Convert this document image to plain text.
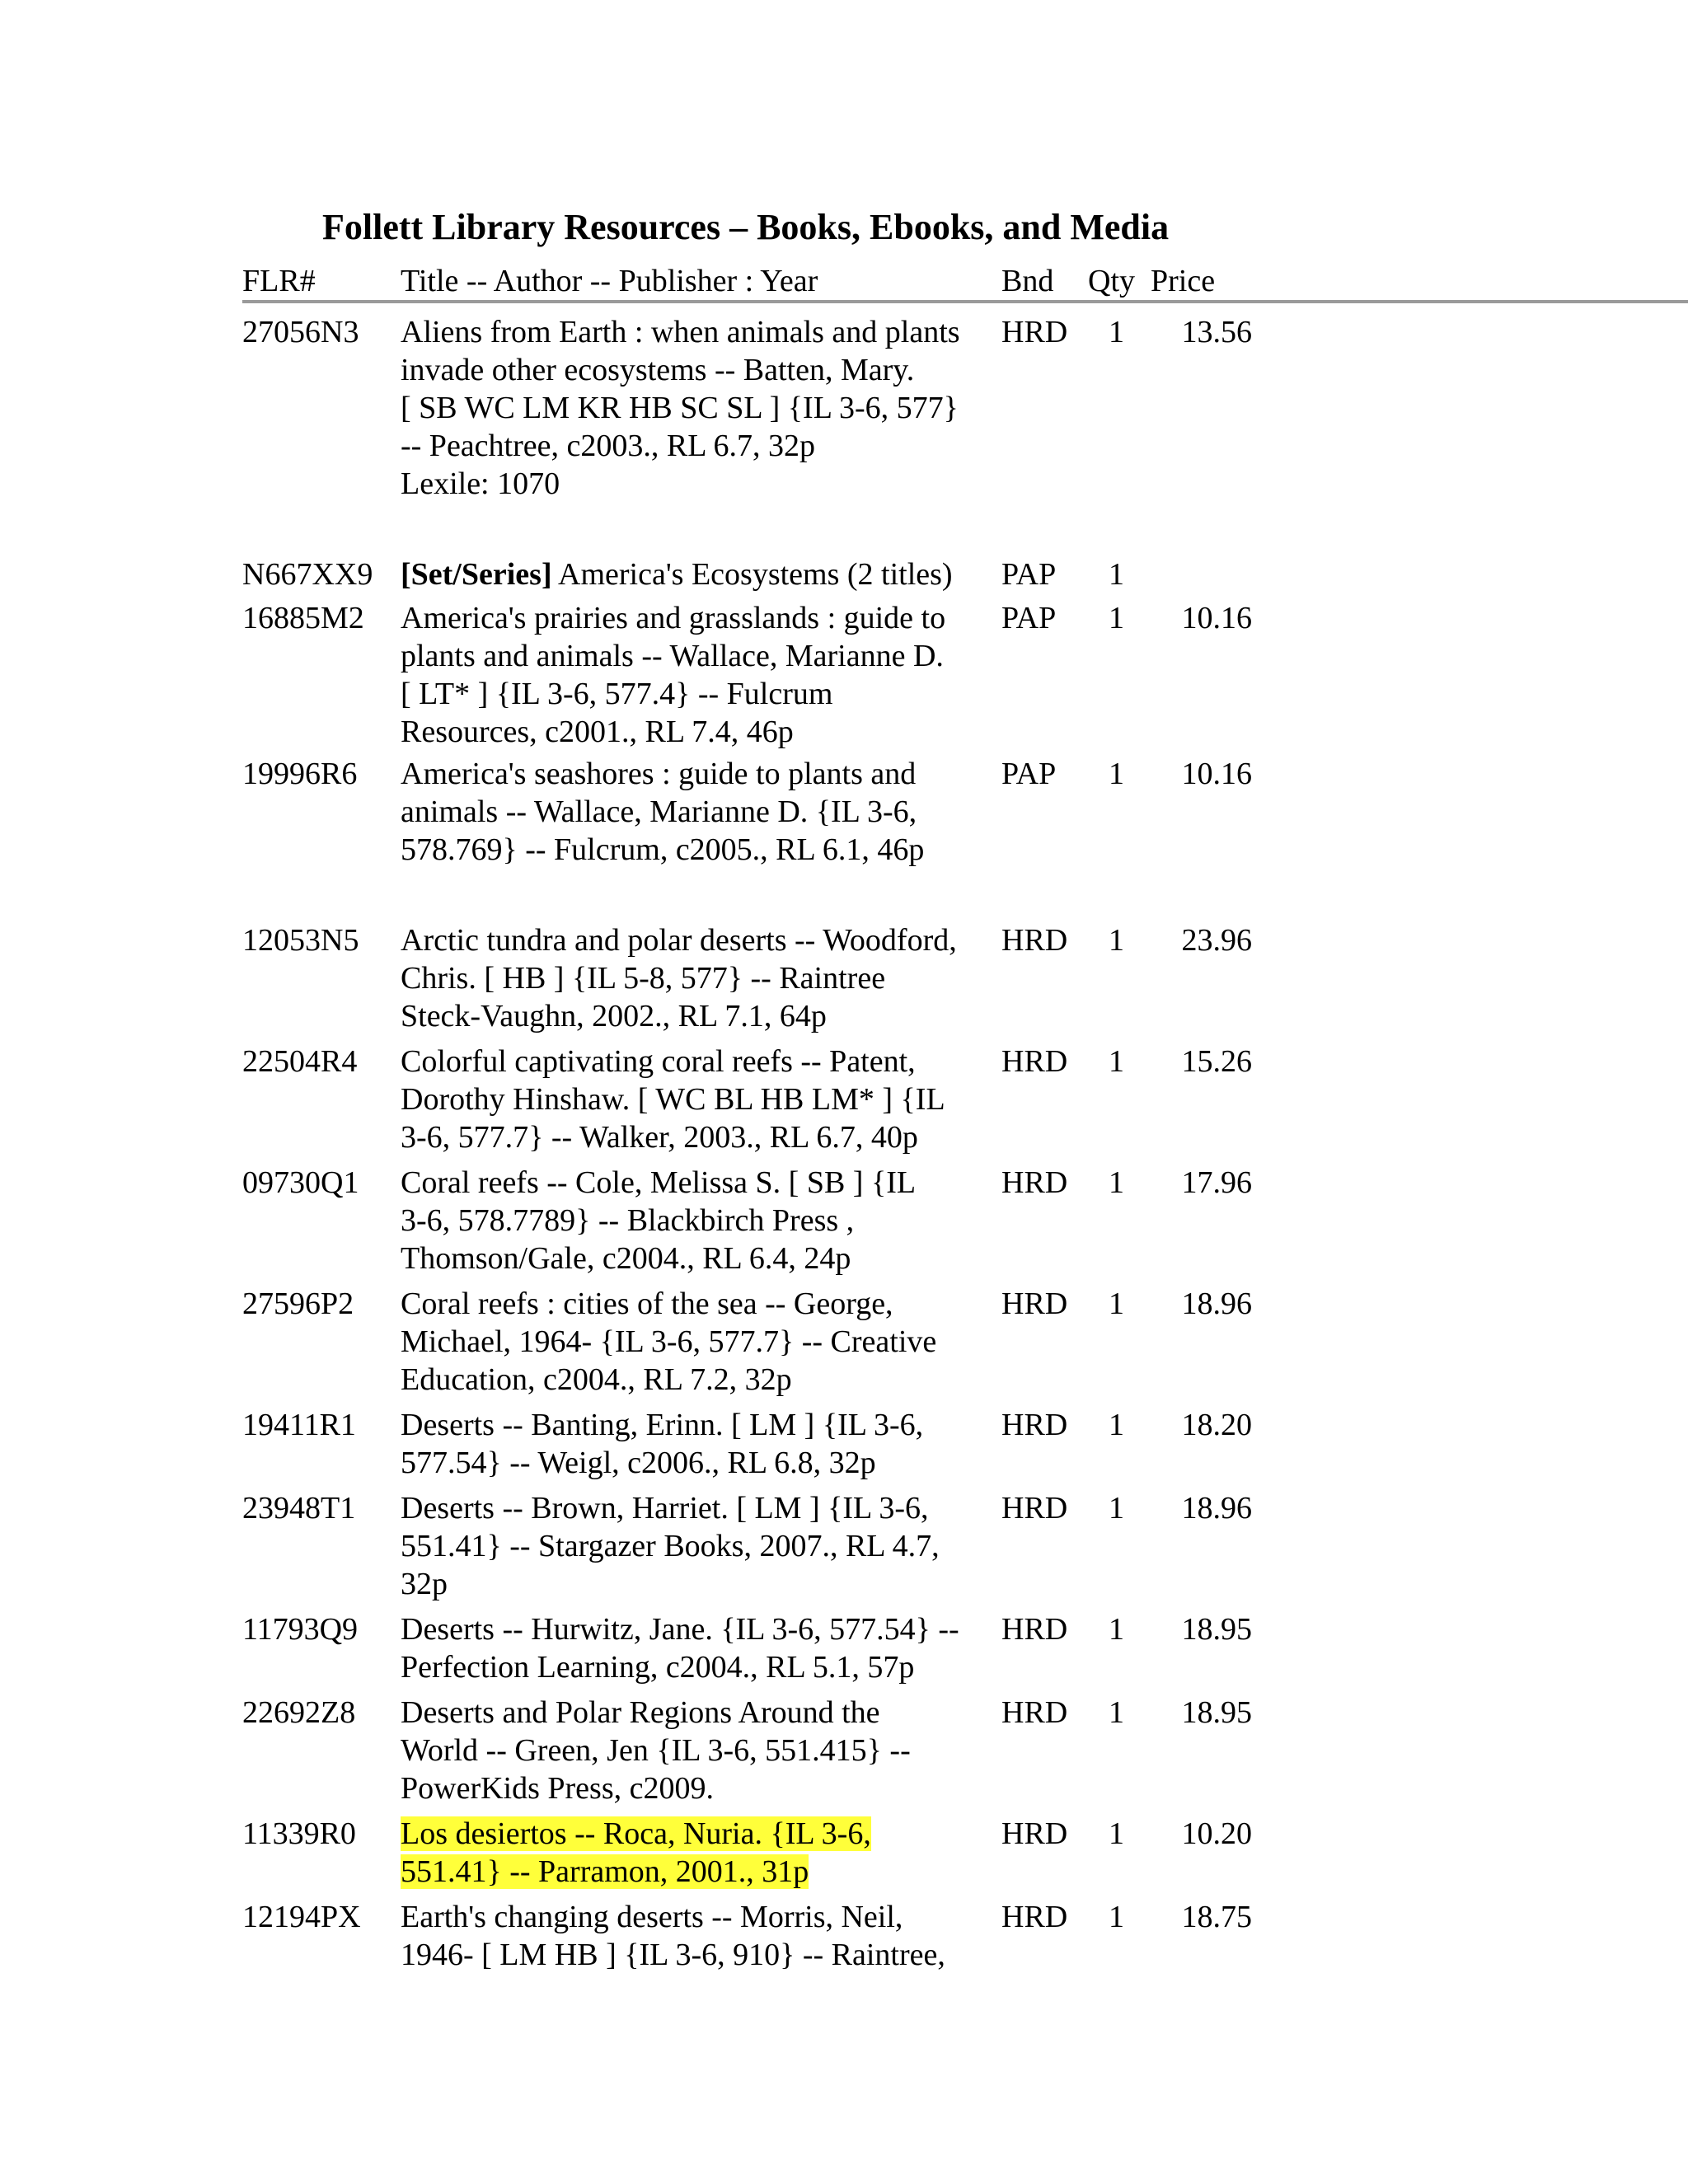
Follett Library Resources – Books, Ebooks, and Media
FLR#	Title -- Author -- Publisher : Year	Bnd Qty Price
27056N3 Aliens from Earth : when animals and plants
invade other ecosystems -- Batten, Mary.
[ SB WC LM KR HB SC SL ] {IL 3-6, 577}
-- Peachtree, c2003., RL 6.7, 32p
Lexile: 1070
HRD 1 13.56
N667XX9 [Set/Series] America's Ecosystems (2 titles) PAP 1
16885M2 America's prairies and grasslands : guide to
plants and animals -- Wallace, Marianne D.
[ LT* ] {IL 3-6, 577.4} -- Fulcrum
Resources, c2001., RL 7.4, 46p
PAP 1 10.16
19996R6 America's seashores : guide to plants and
animals -- Wallace, Marianne D. {IL 3-6,
578.769} -- Fulcrum, c2005., RL 6.1, 46p
PAP 1 10.16
12053N5 Arctic tundra and polar deserts -- Woodford,
Chris. [ HB ] {IL 5-8, 577} -- Raintree
Steck-Vaughn, 2002., RL 7.1, 64p
HRD 1 23.96
22504R4 Colorful captivating coral reefs -- Patent,
Dorothy Hinshaw. [ WC BL HB LM* ] {IL
3-6, 577.7} -- Walker, 2003., RL 6.7, 40p
HRD 1 15.26
09730Q1 Coral reefs -- Cole, Melissa S. [ SB ] {IL
3-6, 578.7789} -- Blackbirch Press ,
Thomson/Gale, c2004., RL 6.4, 24p
HRD 1 17.96
27596P2 Coral reefs : cities of the sea -- George,
Michael, 1964- {IL 3-6, 577.7} -- Creative
Education, c2004., RL 7.2, 32p
HRD 1 18.96
19411R1 Deserts -- Banting, Erinn. [ LM ] {IL 3-6,
577.54} -- Weigl, c2006., RL 6.8, 32p
HRD 1 18.20
23948T1 Deserts -- Brown, Harriet. [ LM ] {IL 3-6,
551.41} -- Stargazer Books, 2007., RL 4.7,
32p
HRD 1 18.96
11793Q9 Deserts -- Hurwitz, Jane. {IL 3-6, 577.54} --
Perfection Learning, c2004., RL 5.1, 57p
HRD 1 18.95
22692Z8 Deserts and Polar Regions Around the
World -- Green, Jen {IL 3-6, 551.415} --
PowerKids Press, c2009.
HRD 1 18.95
11339R0 Los desiertos -- Roca, Nuria. {IL 3-6,
551.41} -- Parramon, 2001., 31p
HRD 1 10.20
12194PX Earth's changing deserts -- Morris, Neil,
1946- [ LM HB ] {IL 3-6, 910} -- Raintree,
HRD 1 18.75
